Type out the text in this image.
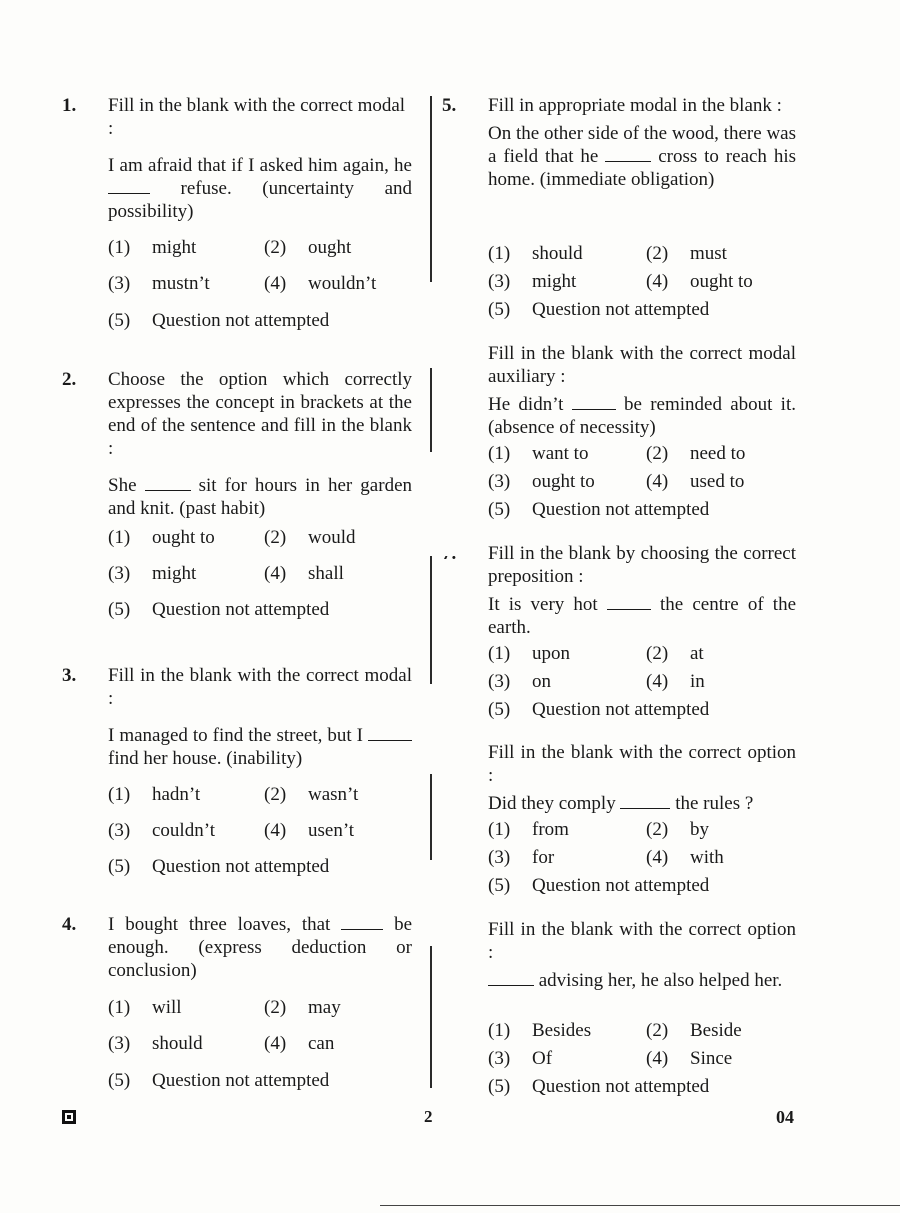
1.	Fill in the blank with the correct modal :
I am afraid that if I asked him again, he  refuse. (uncertainty and possibility)
(1) might	(2) ought
(3) mustn’t	(4) wouldn’t
(5) Question not attempted
2.	Choose the option which correctly expresses the concept in brackets at the end of the sentence and fill in the blank :
She	sit for hours in her garden and knit. (past habit)
(1) ought to	(2) would
(3) might	(4) shall
(5) Question not attempted
3.	Fill in the blank with the correct modal :
I managed to find the street, but I  find her house. (inability)
(1) hadn’t	(2) wasn’t
(3) couldn’t	(4) usen’t
(5) Question not attempted
4.	I bought three loaves, that	be enough. (express deduction or conclusion)
(1) will	(2) may
(3) should	(4) can
(5) Question not attempted
5.	Fill in appropriate modal in the blank :
On the other side of the wood, there was a field that he	cross to reach his home. (immediate obligation)
(1) should	(2) must
(3) might	(4) ought to
(5) Question not attempted
Fill in the blank with the correct modal auxiliary :
He didn’t	be reminded about it. (absence of necessity)
(1) want to	(2) need to
(3) ought to	(4) used to
(5) Question not attempted
Fill in the blank by choosing the correct preposition :
It is very hot	the centre of the earth.
(1) upon	(2) at
(3) on	(4) in
(5) Question not attempted
Fill in the blank with the correct option :
Did they comply	the rules ?
(1) from	(2) by
(3) for	(4) with
(5) Question not attempted
Fill in the blank with the correct option :
advising her, he also helped her.
(1) Besides	(2) Beside
(3) Of	(4) Since
(5) Question not attempted
2	04
